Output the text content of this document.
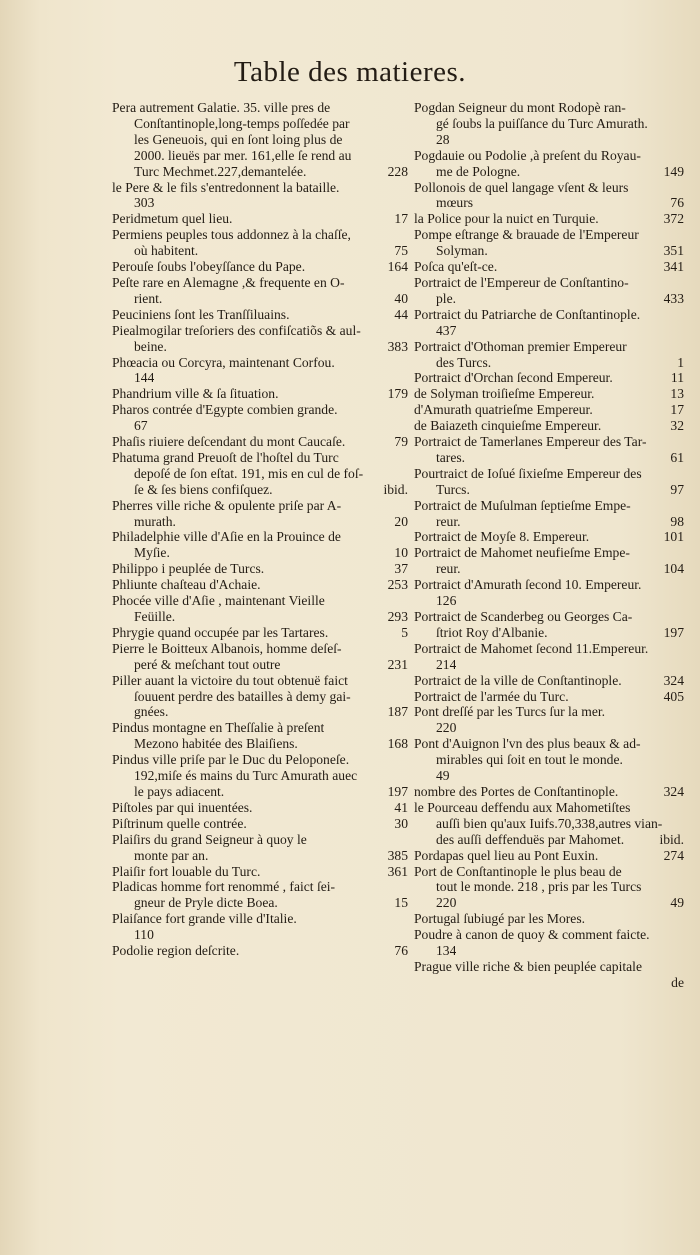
Table des matieres.
Pera autrement Galatie. 35. ville pres de
Conſtantinople,long-temps poſſedée par
les Geneuois, qui en ſont loing plus de
2000. lieuës par mer. 161,elle ſe rend au
Turc Mechmet.227,demantelée.	228
le Pere & le fils s'entredonnent la bataille.
303
Peridmetum quel lieu.	17
Permiens peuples tous addonnez à la chaſſe,
où habitent.	75
Perouſe ſoubs l'obeyſſance du Pape.	164
Peſte rare en Alemagne ,& frequente en O-
rient.	40
Peuciniens ſont les Tranſſiluains.	44
Piealmogilar treſoriers des confiſcatiõs & aul-
beine.	383
Phœacia ou Corcyra, maintenant Corfou.
144
Phandrium ville & ſa ſituation.	179
Pharos contrée d'Egypte combien grande.
67
Phaſis riuiere deſcendant du mont Caucaſe.	79
Phatuma grand Preuoſt de l'hoſtel du Turc
depoſé de ſon eſtat. 191, mis en cul de foſ-
ſe & ſes biens confiſquez.	ibid.
Pherres ville riche & opulente priſe par A-
murath.	20
Philadelphie ville d'Aſie en la Prouince de
Myſie.	10
Philippo i peuplée de Turcs.	37
Phliunte chaſteau d'Achaie.	253
Phocée ville d'Aſie , maintenant Vieille
Feüille.	293
Phrygie quand occupée par les Tartares.	5
Pierre le Boitteux Albanois, homme deſeſ-
peré & meſchant tout outre	231
Piller auant la victoire du tout obtenuë faict
ſouuent perdre des batailles à demy gai-
gnées.	187
Pindus montagne en Theſſalie à preſent
Mezono habitée des Blaiſiens.	168
Pindus ville priſe par le Duc du Peloponeſe.
192,miſe és mains du Turc Amurath auec
le pays adiacent.	197
Piſtoles par qui inuentées.	41
Piſtrinum quelle contrée.	30
Plaiſirs du grand Seigneur à quoy le
monte par an.	385
Plaiſir fort louable du Turc.	361
Pladicas homme fort renommé , faict ſei-
gneur de Pryle dicte Boea.	15
Plaiſance fort grande ville d'Italie.
110
Podolie region deſcrite.	76
Pogdan Seigneur du mont Rodopè ran-
gé ſoubs la puiſſance du Turc Amurath.
28
Pogdauie ou Podolie ,à preſent du Royau-
me de Pologne.	149
Pollonois de quel langage vſent & leurs
mœurs	76
la Police pour la nuict en Turquie.	372
Pompe eſtrange & brauade de l'Empereur
Solyman.	351
Poſca qu'eſt-ce.	341
Portraict de l'Empereur de Conſtantino-
ple.	433
Portraict du Patriarche de Conſtantinople.
437
Portraict d'Othoman premier Empereur
des Turcs.	1
Portraict d'Orchan ſecond Empereur.	11
de Solyman troiſieſme Empereur.	13
d'Amurath quatrieſme Empereur.	17
de Baiazeth cinquieſme Empereur.	32
Portraict de Tamerlanes Empereur des Tar-
tares.	61
Pourtraict de Ioſué ſixieſme Empereur des
Turcs.	97
Portraict de Muſulman ſeptieſme Empe-
reur.	98
Portraict de Moyſe 8. Empereur.	101
Portraict de Mahomet neufieſme Empe-
reur.	104
Portraict d'Amurath ſecond 10. Empereur.
126
Portraict de Scanderbeg ou Georges Ca-
ſtriot Roy d'Albanie.	197
Portraict de Mahomet ſecond 11.Empereur.
214
Portraict de la ville de Conſtantinople.	324
Portraict de l'armée du Turc.	405
Pont dreſſé par les Turcs ſur la mer.
220
Pont d'Auignon l'vn des plus beaux & ad-
mirables qui ſoit en tout le monde.
49
nombre des Portes de Conſtantinople.	324
le Pourceau deffendu aux Mahometiſtes
auſſi bien qu'aux Iuifs.70,338,autres vian-
des auſſi deffenduës par Mahomet.	ibid.
Pordapas quel lieu au Pont Euxin.	274
Port de Conſtantinople le plus beau de
tout le monde. 218 , pris par les Turcs
220	49
Portugal ſubiugé par les Mores.
Poudre à canon de quoy & comment faicte.
134
Prague ville riche & bien peuplée capitale
de
